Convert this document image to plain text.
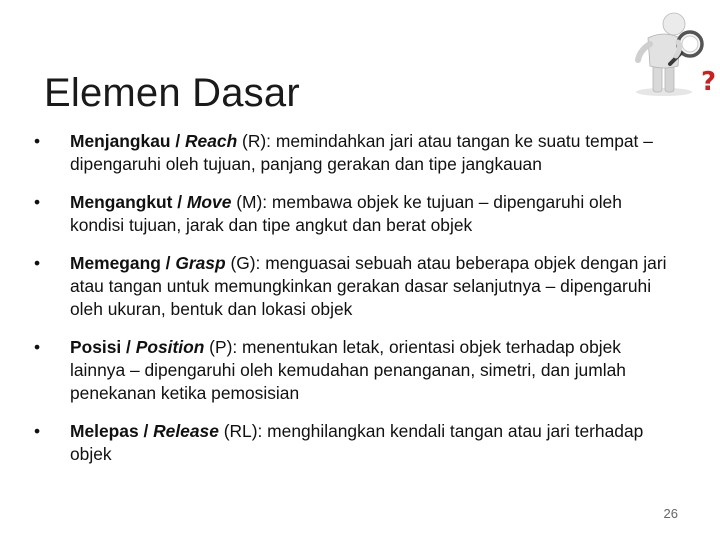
Elemen Dasar	?
• Menjangkau / Reach (R): memindahkan jari atau tangan ke suatu tempat – dipengaruhi oleh tujuan, panjang gerakan dan tipe jangkauan
• Mengangkut / Move (M): membawa objek ke tujuan – dipengaruhi oleh kondisi tujuan, jarak dan tipe angkut dan berat objek
• Memegang / Grasp (G): menguasai sebuah atau beberapa objek dengan jari atau tangan untuk memungkinkan gerakan dasar selanjutnya – dipengaruhi oleh ukuran, bentuk dan lokasi objek
• Posisi / Position (P): menentukan letak, orientasi objek terhadap objek lainnya – dipengaruhi oleh kemudahan penanganan, simetri, dan jumlah penekanan ketika pemosisian
• Melepas / Release (RL): menghilangkan kendali tangan atau jari terhadap objek
26
